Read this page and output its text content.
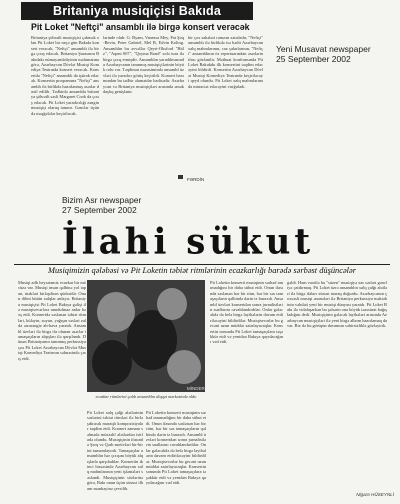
Britaniya musiqiçisi Bakıda
Pit Loket "Neftçi" ansamblı ilə birgə konsert verəcək
Yeni Musavat newspaper
25 September 2002

Britaniya şöhrətli musiqiçisi çəkmək olan Pit Loket bir neçə gün Bakıda konsert verəcək, "Neftçi" ansamblı ilə birgə çıxış edəcək. Britaniya Şurasının Bakıdakı nümayəndəliyinin məlumatına görə, Azərbaycan Dövlət Musiqi Komediya Teatrında konsert verəcək. Konsertdə "Neftçi" ansamblı da iştirak edəcək. Konsertin proqramına "Neftçi" ansamblı ilə birlikdə hazırlanmış əsərlər daxil edilib. Tədbirdə ansambla britaniya şöhrətli səsli Margaret Cook da çıxış edəcək. Pit Loket yaradıcılığı zəngin musiqiçi olaraq tanınır. Gənclər üçün də məşğələlər keçiriləcək.

lərinde olub: G. Byam, Vanessa Mey, Pat Şoq-Bevin, Peter Gabriel, Mel B, Edvin Koling. Ansamblın bu əvvəllər Qeyri-Oksford "Bitlz", "Aqent 007", "Qoyma Bond" solo turu ilə birgə çıxış etmişdir. Ansamblın yaradılmasında Azərbaycanın tanınmış musiqiçilərinin böyük rolu var. Təqdimat mərasimində ansambl üzvləri ilə yaradıcı görüş keçirildi. Konsert baxımından bu tədbir əlamətdar hadisədir. Azərbaycan və Britaniya musiqiçiləri arasında əməkdaşlıq genişlənir.

bir çox sahələri rəmzən xatırladır, "Neftçi" ansamblı ilə birlikdə isə bədii Azərbaycan xalq mahnılarının, caz çalarlarının, "Neftçi" ansamblının öz repertuarından əsərlərin ifası gözlənilir. Mətbuat konfransında Pit Loket Bakıdakı ilk konsertini təqdim edəcəyini bildirdi. Konsertin Azərbaycan Dövlət Musiqi Komediya Teatrında keçiriləcəyi qeyd olundu. Pit Loket xalq mahnılarına da müraciət edəcəyini vurğuladı.

FƏRDİN
Bizim Asr newspaper
27 September 2002
İlahi sükut
Musiqimizin qələbəsi və Pit Loketin təbiət ritmlərinin ecazkarlığı barədə sərbəst düşüncələr

Musiqi adlı heyrətamiz ecazkar bir möcüzə var. Musiqi insan qəlbinə yol tapan, ürəkləri birləşdirən qüdrətdir. Onun dilini bütün xalqlar anlayır. Britaniya musiqiçisi Pit Loket Bakıya gəlişi ilə musiqisevərlərə unudulmaz anlar bəxş etdi. Konsertdə səslənən təbiət ritmləri, küləyin, suyun, yağışın səsləri zalda əsrarəngiz ab-hava yaratdı. Ansambl üzvləri ilə birgə ifa olunan əsərlər tamaşaçıların alqışları ilə qarşılandı. Dünən Britaniyanın tanınmış perkussiyaçısı Pit Loket Azərbaycan Dövlət Musiqi Komediya Teatrının səhnəsində çıxış etdi.

MİNDER
ecazkar ritmlərini çalıb ansamblın diqqət mərkəzində oldu

Pit Loket xalq çalğı alətlərinin səslərini təbiət ritmləri ilə birləşdirərək maraqlı kompozisiyalar təqdim etdi. Konsert zamanı səhnədə müxtəlif alətlərdən istifadə olundu. Musiqiçinin ifasında Şərq və Qərb motivləri bir-birini tamamlayırdı. Tamaşaçılar ansamblın hər çıxışını böyük alqışlarla qarşıladılar. Konsertin ikinci hissəsində Azərbaycan xalq mahnılarının yeni işləmələri səsləndi. Musiqiçinin sözlərinə görə, Bakı onun üçün xüsusi ilham mənbəyinə çevrilib.

Pit Loketin konserti musiqinin sərhəd tanımadığını bir daha sübut etdi. Onun ifasında səslənən hər bir ritm, hər bir səs tamaşaçıların qəlbində dərin iz buraxdı. Ansambl üzvləri konsertdən sonra jurnalistlərin suallarını cavablandırdılar. Onlar gələcəkdə də belə birgə layihələrin davam etdiriləcəyini bildirdilər. Musiqisevərlər bu gecəni uzun müddət xatırlayacaqlar. Konsertin sonunda Pit Loket tamaşaçılara təşəkkür etdi və yenidən Bakıya qayıdacağını vəd etdi.

Pit Loketin konserti musiqinin sərhəd tanımadığını bir daha sübut etdi. Onun ifasında səslənən hər bir ritm, hər bir səs tamaşaçıların qəlbində dərin iz buraxdı. Ansambl üzvləri konsertdən sonra jurnalistlərin suallarını cavablandırdılar. Onlar gələcəkdə də belə birgə layihələrin davam etdiriləcəyini bildirdilər. Musiqisevərlər bu gecəni uzun müddət xatırlayacaqlar. Konsertin sonunda Pit Loket tamaşaçılara təşəkkür etdi və yenidən Bakıya qayıdacağını vəd etdi.

gəldi. Həm vaxtilə bu "süzen" musiqiyə xas səsləri gəncliyə çatdırmaq. Pit Loket üzrə ansamblın xalq çalğı alətləri ilə birgə ifaları xüsusi maraq doğurdu. Azərbaycanın çoxsəsli musiqi ənənələri ilə Britaniya perkussiya məktəbinin vəhdəti yeni bir musiqi dünyası yaratdı. Pit Loket Bakı ilə vidalaşarkən bu şəhərin ona böyük təəssürat bağışladığını dedi. Musiqiçinin gələcək layihələri arasında Azərbaycan musiqiçiləri ilə yeni birgə albom hazırlamaq da var. Biz də bu görüşün davamını səbirsizliklə gözləyirik.

Nigarə HÜSEYNLİ
